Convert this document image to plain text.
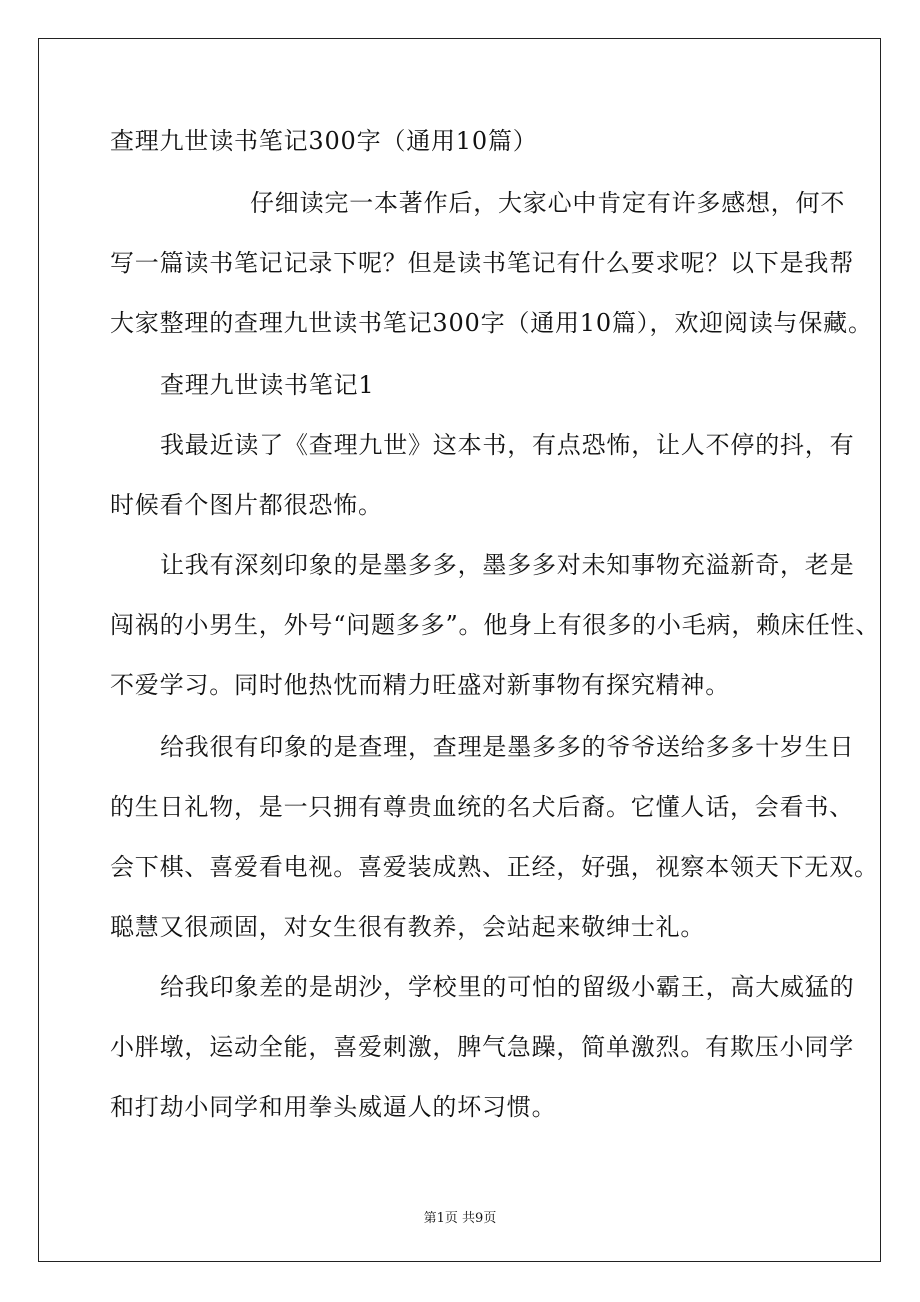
查理九世读书笔记300字（通用10篇）
仔细读完一本著作后，大家心中肯定有许多感想，何不
写一篇读书笔记记录下呢？但是读书笔记有什么要求呢？以下是我帮
大家整理的查理九世读书笔记300字（通用10篇），欢迎阅读与保藏。
查理九世读书笔记1
我最近读了《查理九世》这本书，有点恐怖，让人不停的抖，有
时候看个图片都很恐怖。
让我有深刻印象的是墨多多，墨多多对未知事物充溢新奇，老是
闯祸的小男生，外号“问题多多”。他身上有很多的小毛病，赖床任性、
不爱学习。同时他热忱而精力旺盛对新事物有探究精神。
给我很有印象的是查理，查理是墨多多的爷爷送给多多十岁生日
的生日礼物，是一只拥有尊贵血统的名犬后裔。它懂人话，会看书、
会下棋、喜爱看电视。喜爱装成熟、正经，好强，视察本领天下无双。
聪慧又很顽固，对女生很有教养，会站起来敬绅士礼。
给我印象差的是胡沙，学校里的可怕的留级小霸王，高大威猛的
小胖墩，运动全能，喜爱刺激，脾气急躁，简单激烈。有欺压小同学
和打劫小同学和用拳头威逼人的坏习惯。
第1页 共9页
